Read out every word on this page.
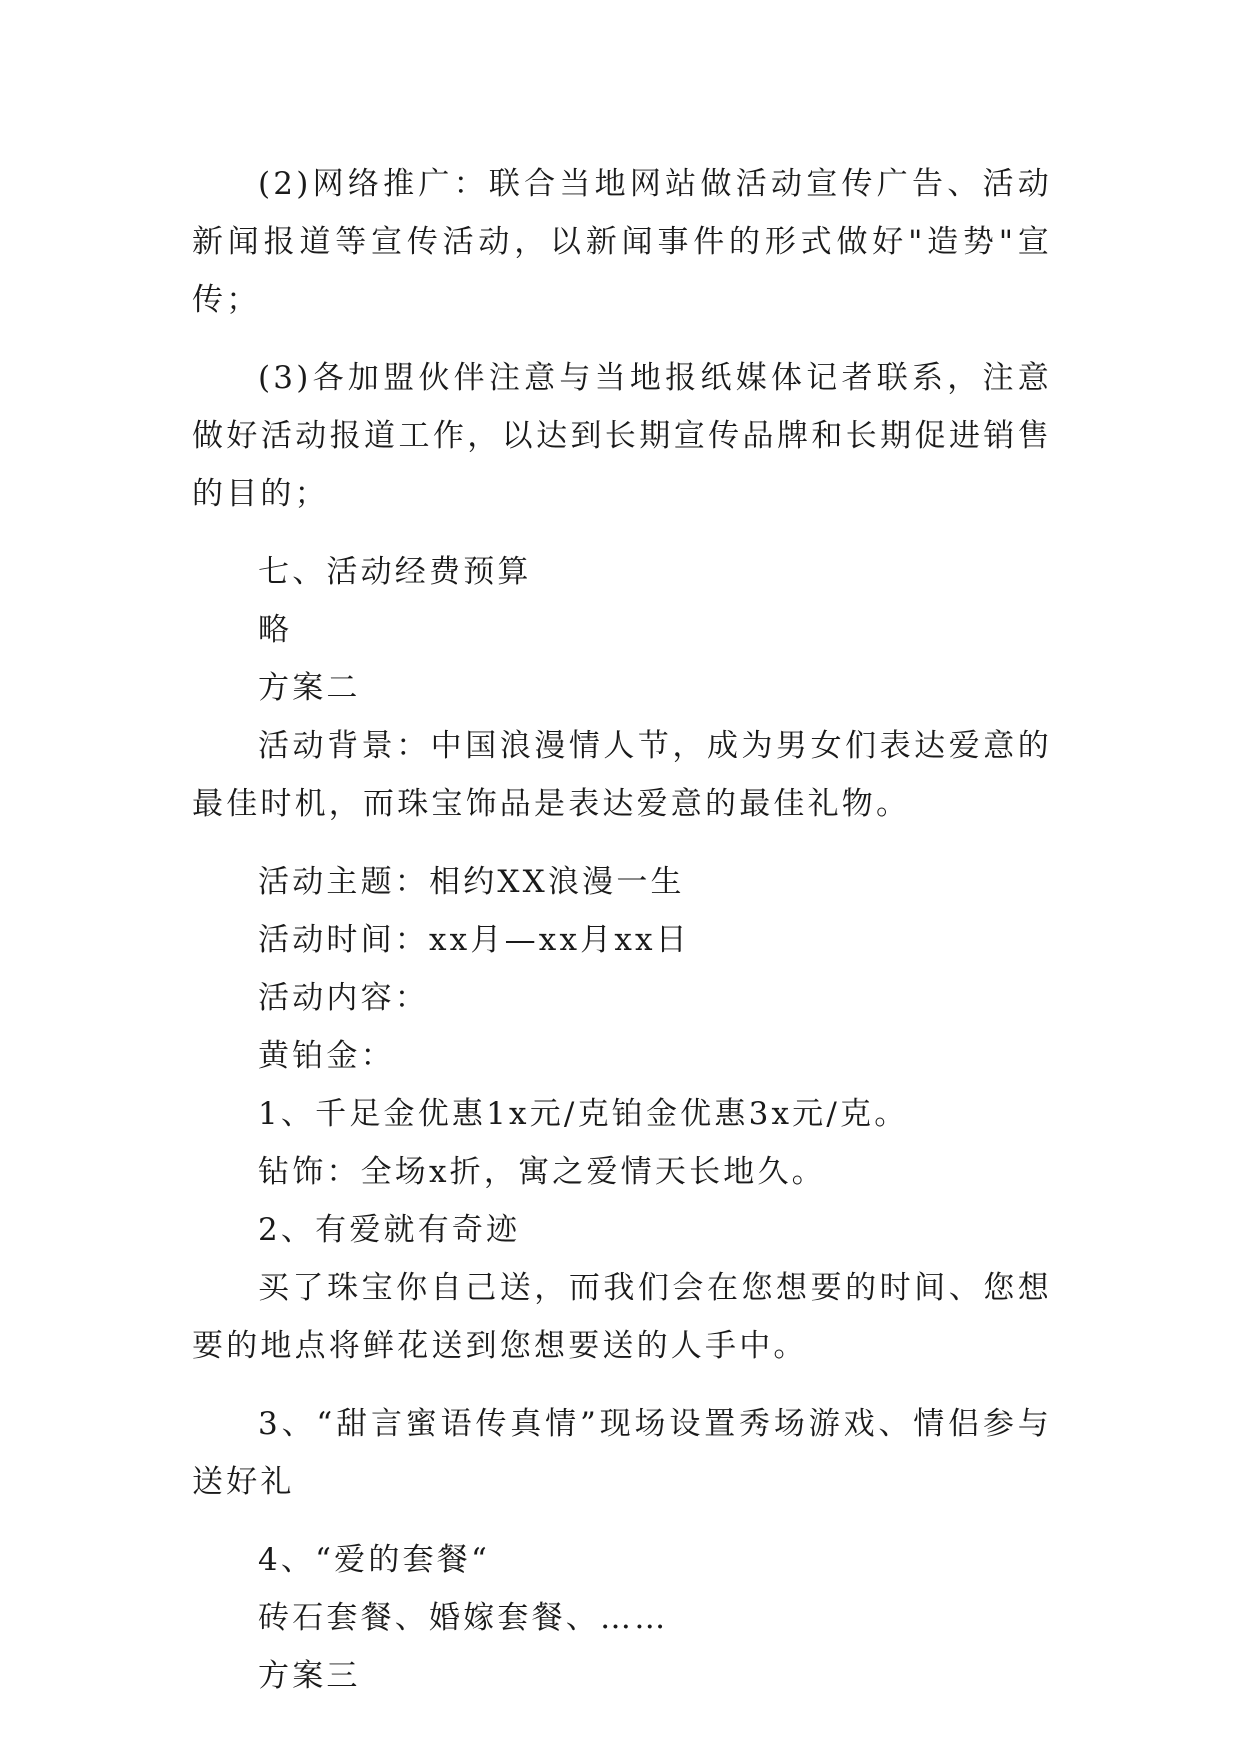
(2)网络推广：联合当地网站做活动宣传广告、活动新闻报道等宣传活动，以新闻事件的形式做好"造势"宣传；

(3)各加盟伙伴注意与当地报纸媒体记者联系，注意做好活动报道工作，以达到长期宣传品牌和长期促进销售的目的；

七、活动经费预算

略

方案二

活动背景：中国浪漫情人节，成为男女们表达爱意的最佳时机，而珠宝饰品是表达爱意的最佳礼物。

活动主题：相约XX浪漫一生

活动时间：xx月—xx月xx日

活动内容：

黄铂金：

1、千足金优惠1x元/克铂金优惠3x元/克。

钻饰：全场x折，寓之爱情天长地久。

2、有爱就有奇迹

买了珠宝你自己送，而我们会在您想要的时间、您想要的地点将鲜花送到您想要送的人手中。

3、“甜言蜜语传真情”现场设置秀场游戏、情侣参与送好礼

4、“爱的套餐“

砖石套餐、婚嫁套餐、……

方案三
